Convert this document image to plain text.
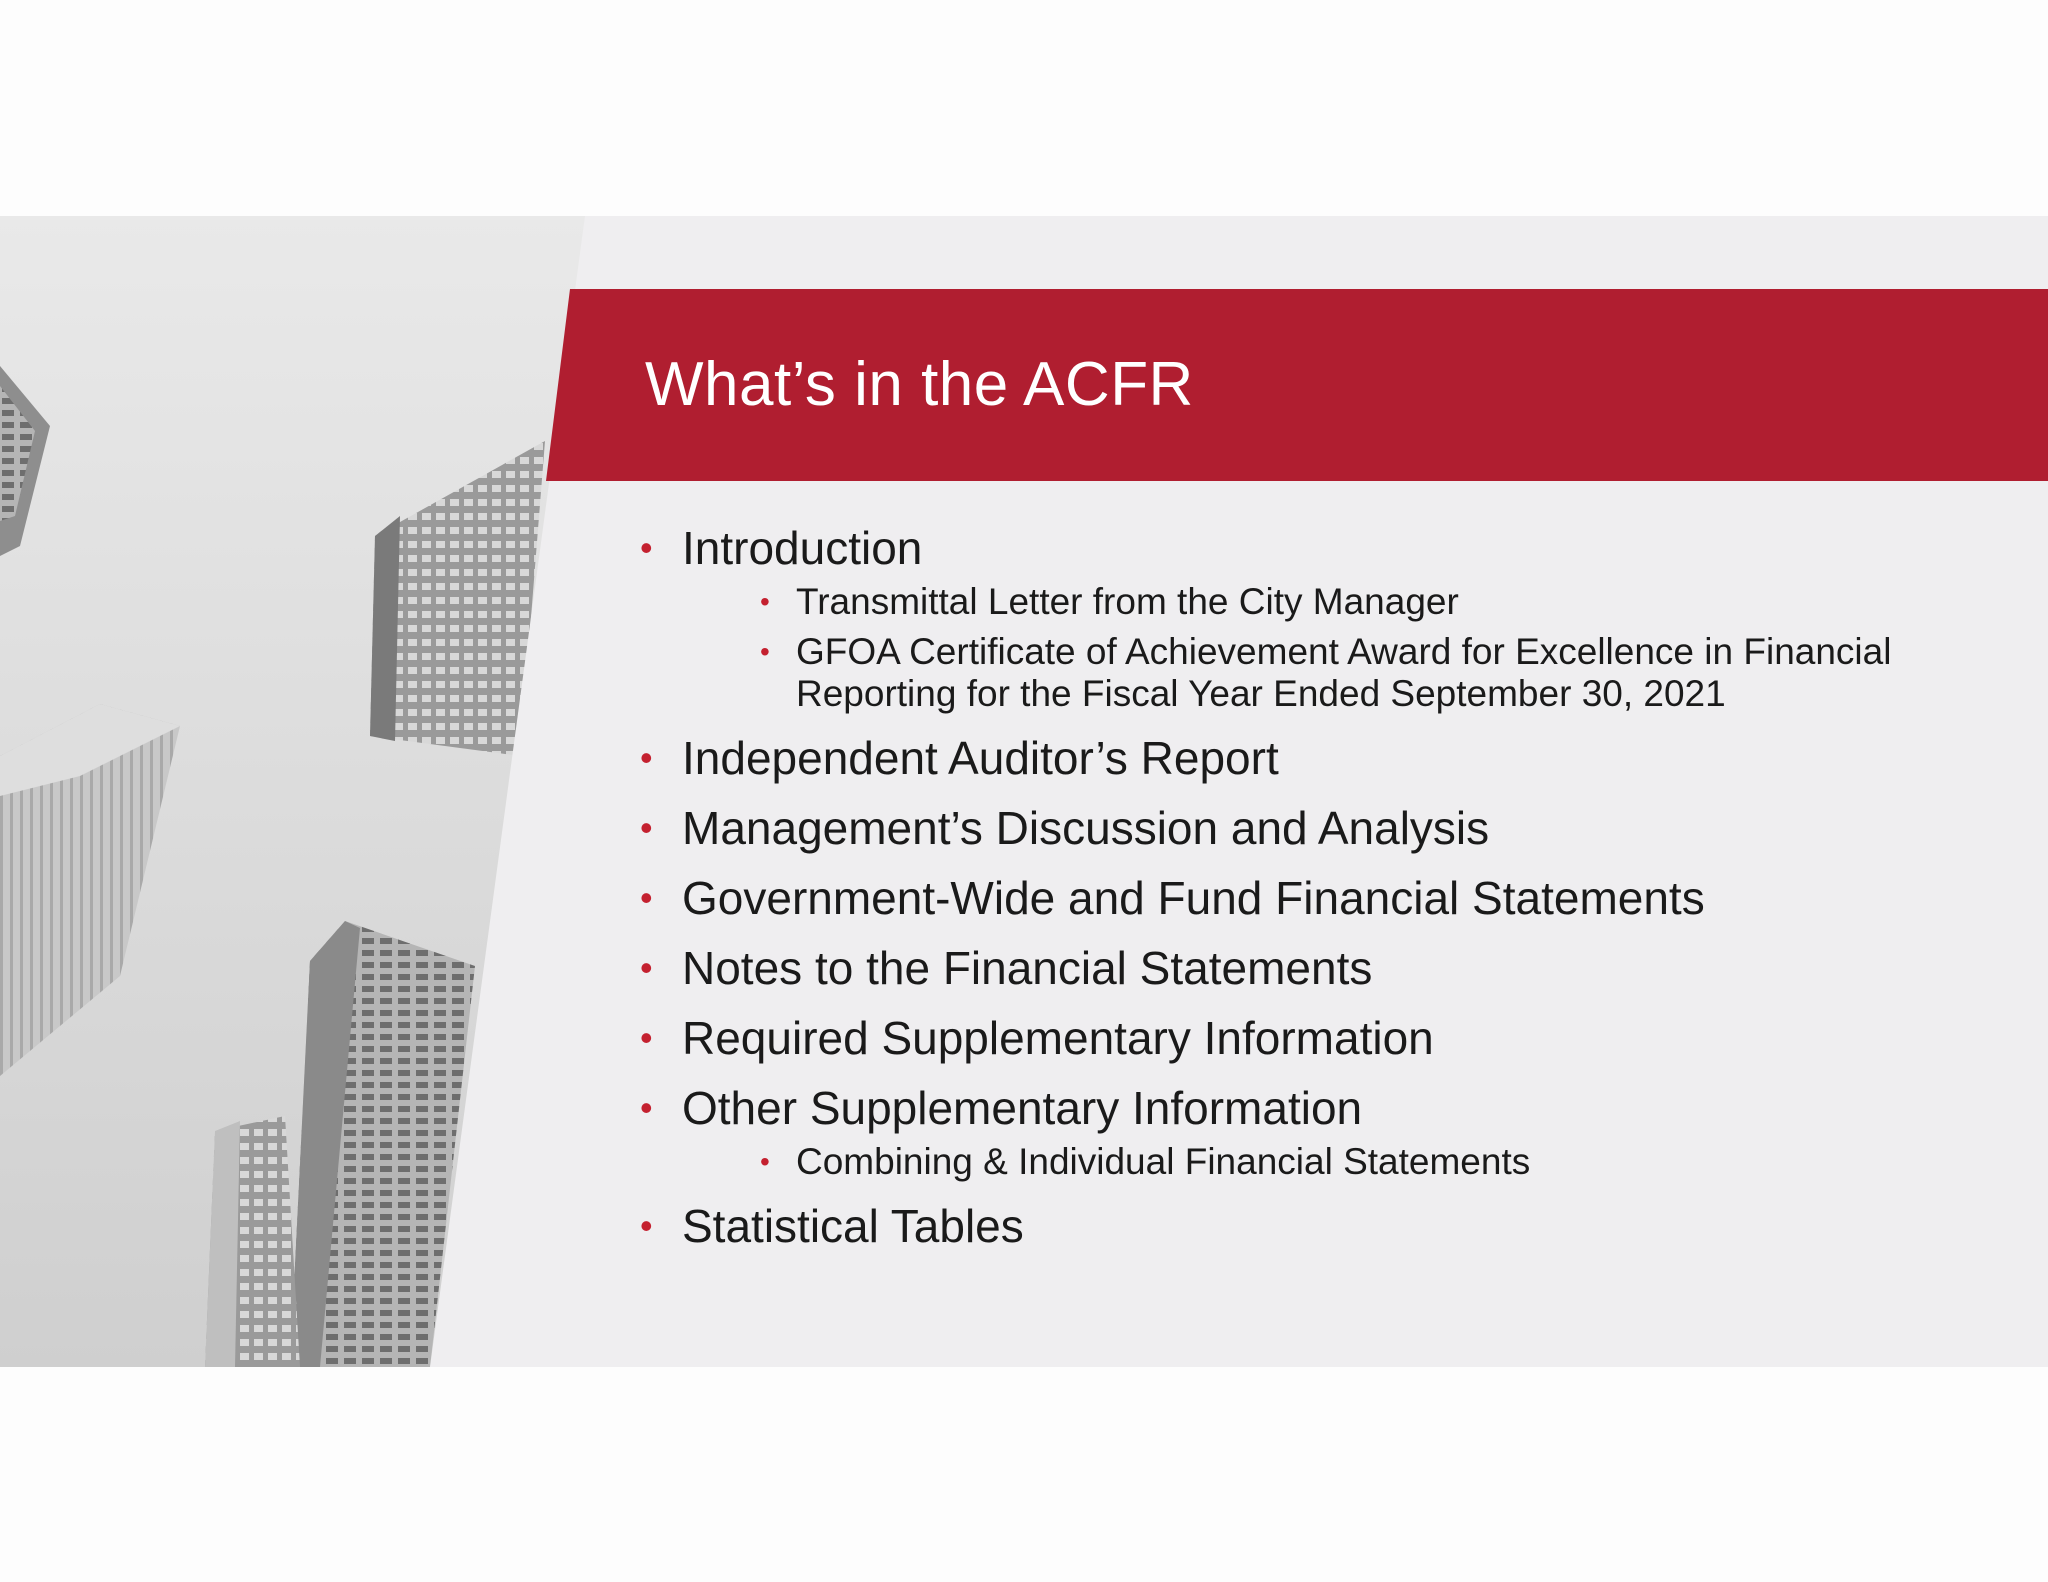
What’s in the ACFR
• Introduction
• Transmittal Letter from the City Manager
• GFOA Certificate of Achievement Award for Excellence in Financial Reporting for the Fiscal Year Ended September 30, 2021
• Independent Auditor’s Report
• Management’s Discussion and Analysis
• Government-Wide and Fund Financial Statements
• Notes to the Financial Statements
• Required Supplementary Information
• Other Supplementary Information
• Combining & Individual Financial Statements
• Statistical Tables
